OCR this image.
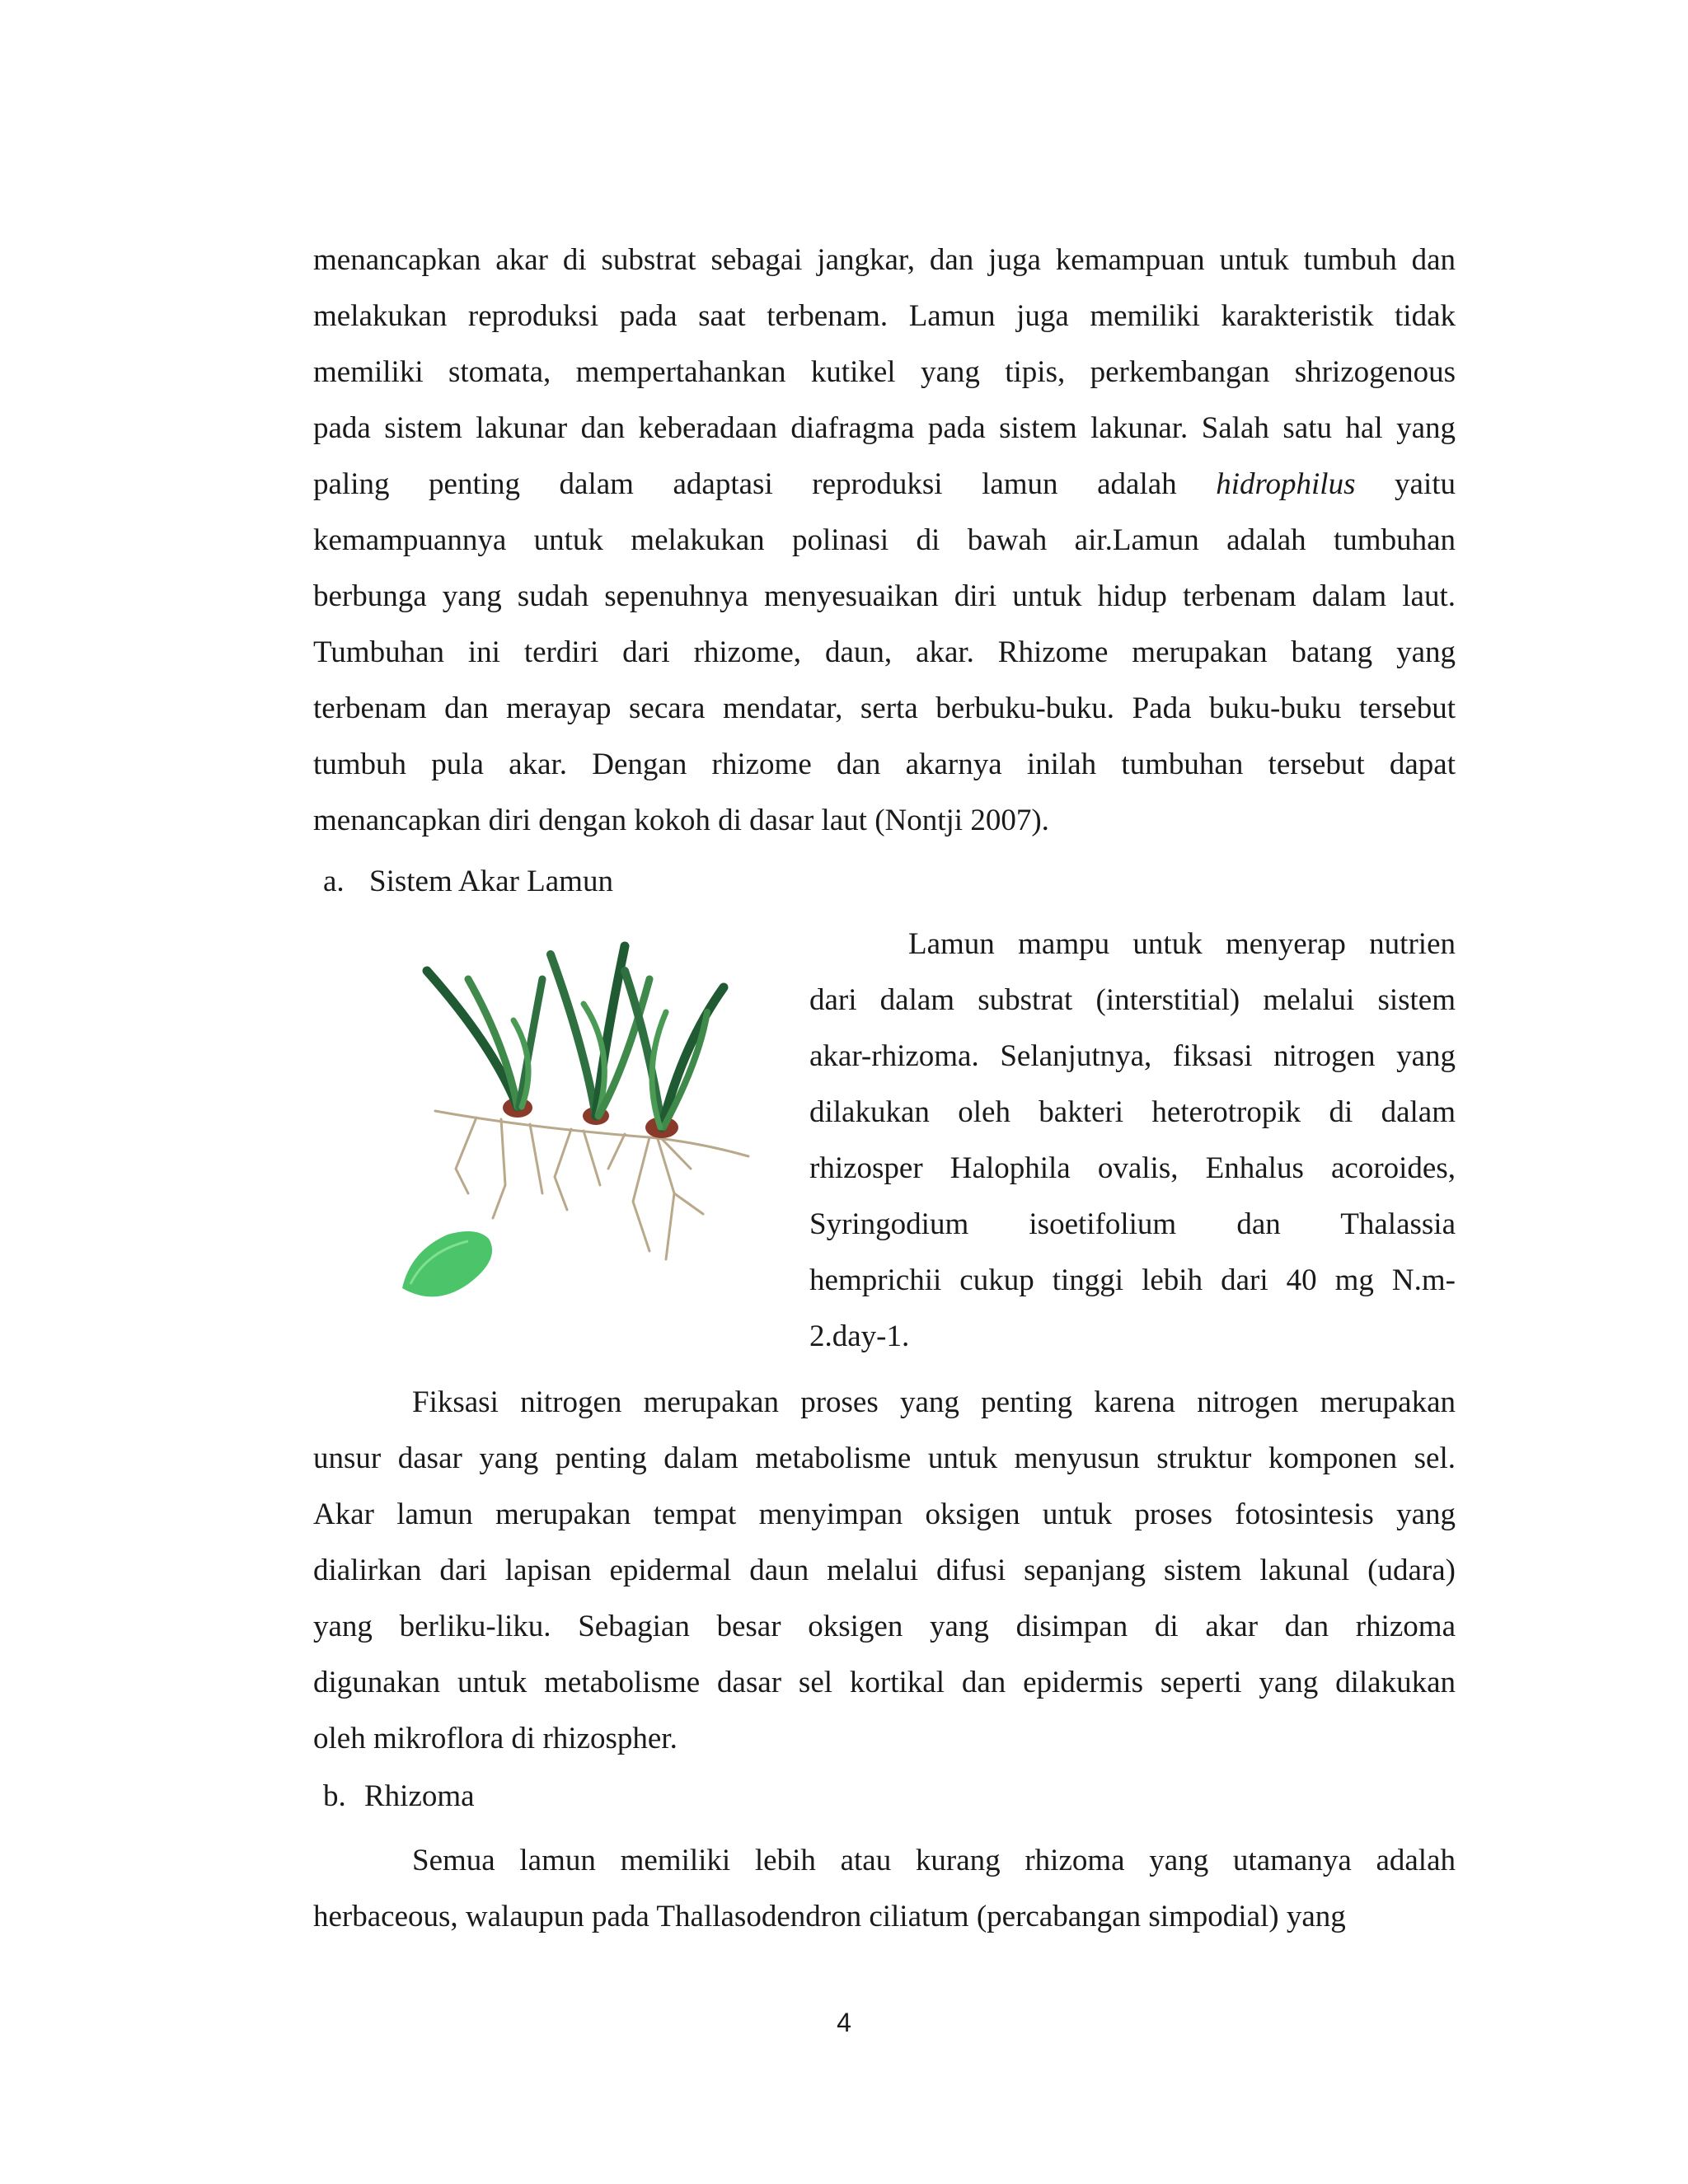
menancapkan akar di substrat sebagai jangkar, dan juga kemampuan untuk tumbuh dan
melakukan reproduksi pada saat terbenam. Lamun juga memiliki karakteristik tidak
memiliki stomata, mempertahankan kutikel yang tipis, perkembangan shrizogenous
pada sistem lakunar dan keberadaan diafragma pada sistem lakunar. Salah satu hal yang
paling penting dalam adaptasi reproduksi lamun adalah hidrophilus yaitu
kemampuannya untuk melakukan polinasi di bawah air.Lamun adalah tumbuhan
berbunga yang sudah sepenuhnya menyesuaikan diri untuk hidup terbenam dalam laut.
Tumbuhan ini terdiri dari rhizome, daun, akar. Rhizome merupakan batang yang
terbenam dan merayap secara mendatar, serta berbuku-buku. Pada buku-buku tersebut
tumbuh pula akar. Dengan rhizome dan akarnya inilah tumbuhan tersebut dapat
menancapkan diri dengan kokoh di dasar laut (Nontji 2007).

a. Sistem Akar Lamun

Lamun mampu untuk menyerap nutrien
dari dalam substrat (interstitial) melalui sistem
akar-rhizoma. Selanjutnya, fiksasi nitrogen yang
dilakukan oleh bakteri heterotropik di dalam
rhizosper Halophila ovalis, Enhalus acoroides,
Syringodium isoetifolium dan Thalassia
hemprichii cukup tinggi lebih dari 40 mg N.m-
2.day-1.

Fiksasi nitrogen merupakan proses yang penting karena nitrogen merupakan
unsur dasar yang penting dalam metabolisme untuk menyusun struktur komponen sel.
Akar lamun merupakan tempat menyimpan oksigen untuk proses fotosintesis yang
dialirkan dari lapisan epidermal daun melalui difusi sepanjang sistem lakunal (udara)
yang berliku-liku. Sebagian besar oksigen yang disimpan di akar dan rhizoma
digunakan untuk metabolisme dasar sel kortikal dan epidermis seperti yang dilakukan
oleh mikroflora di rhizospher.

b. Rhizoma

Semua lamun memiliki lebih atau kurang rhizoma yang utamanya adalah
herbaceous, walaupun pada Thallasodendron ciliatum (percabangan simpodial) yang

4
